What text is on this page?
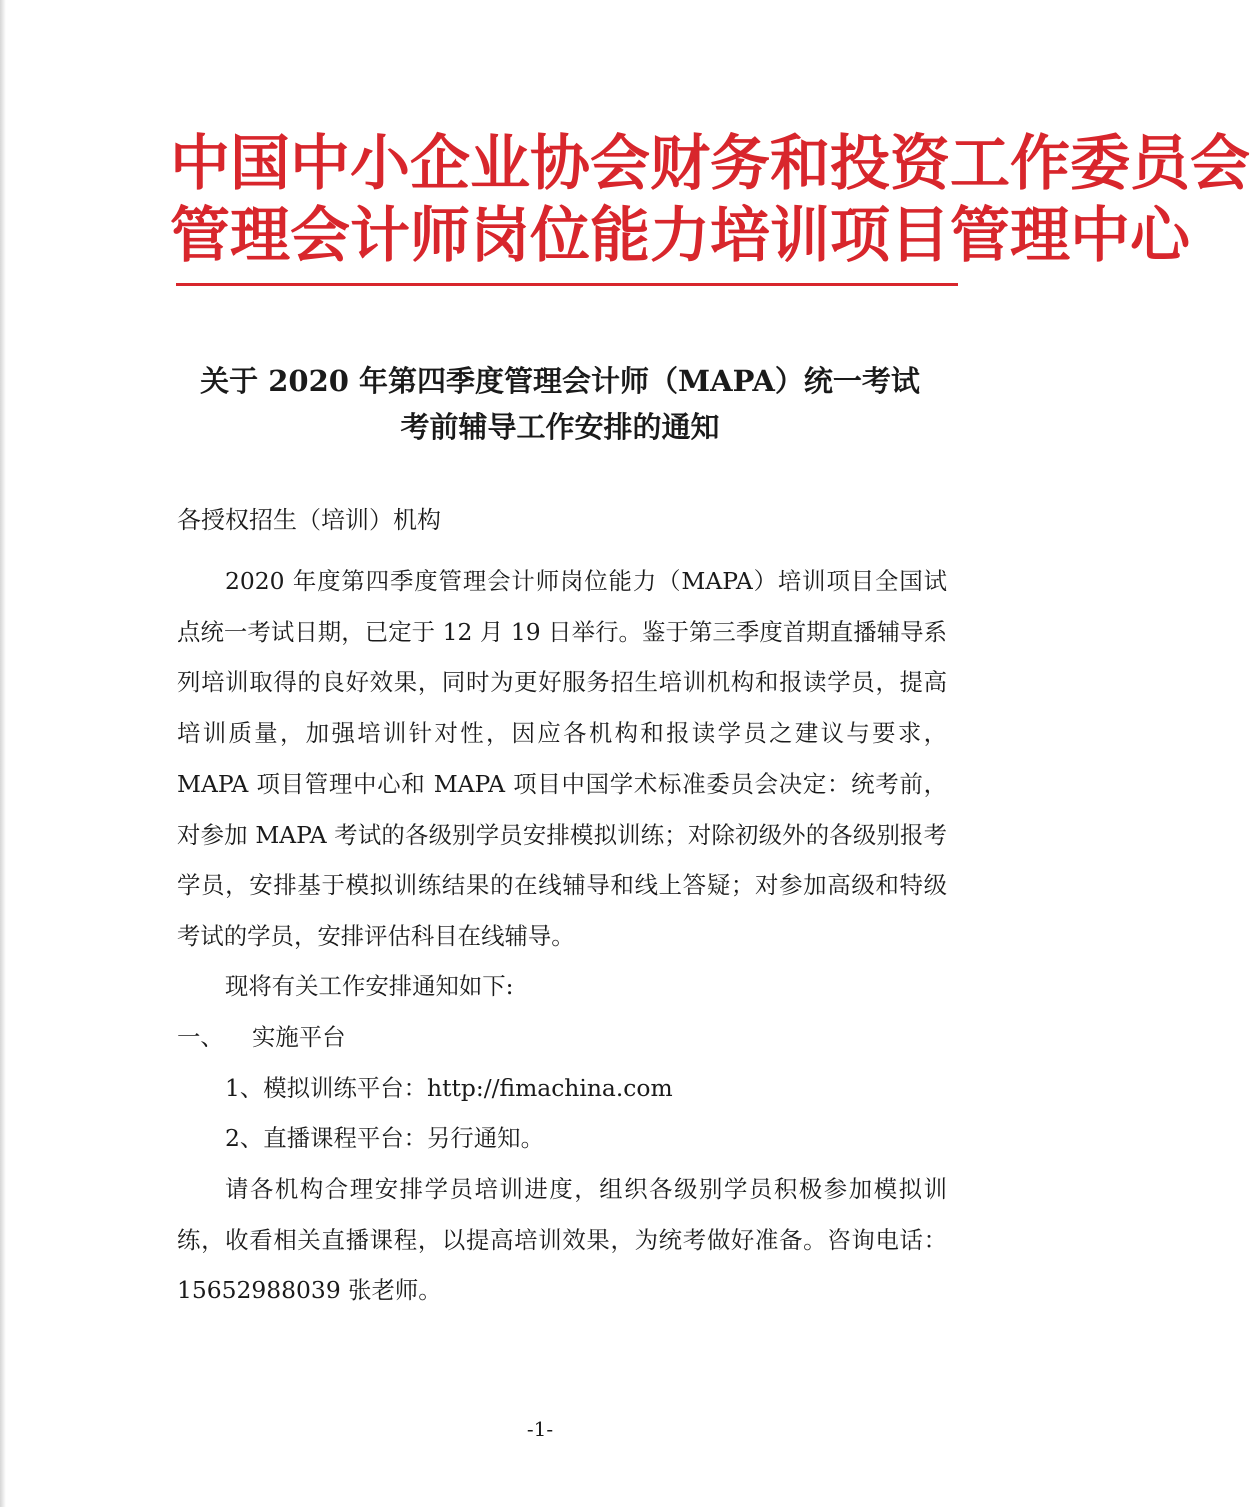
中国中小企业协会财务和投资工作委员会
管理会计师岗位能力培训项目管理中心
关于 2020 年第四季度管理会计师（MAPA）统一考试
考前辅导工作安排的通知
各授权招生（培训）机构
2020 年度第四季度管理会计师岗位能力（MAPA）培训项目全国试点统一考试日期，已定于 12 月 19 日举行。鉴于第三季度首期直播辅导系列培训取得的良好效果，同时为更好服务招生培训机构和报读学员，提高培训质量，加强培训针对性，因应各机构和报读学员之建议与要求，MAPA 项目管理中心和 MAPA 项目中国学术标准委员会决定：统考前，对参加 MAPA 考试的各级别学员安排模拟训练；对除初级外的各级别报考学员，安排基于模拟训练结果的在线辅导和线上答疑；对参加高级和特级考试的学员，安排评估科目在线辅导。
现将有关工作安排通知如下:
一、 实施平台
1、模拟训练平台：http://fimachina.com
2、直播课程平台：另行通知。
请各机构合理安排学员培训进度，组织各级别学员积极参加模拟训练，收看相关直播课程，以提高培训效果，为统考做好准备。咨询电话：15652988039 张老师。
-1-
